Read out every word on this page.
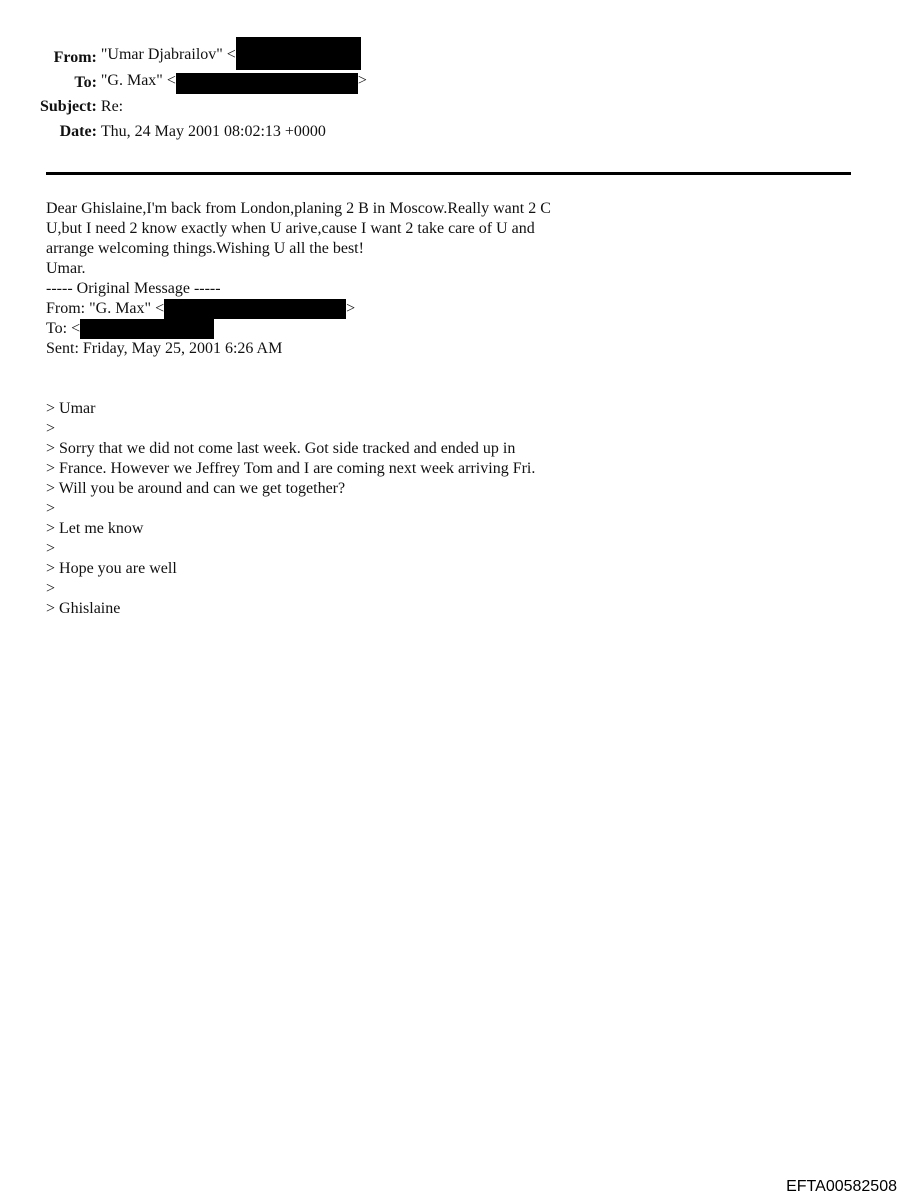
From:	"Umar Djabrailov" <
To:	"G. Max" < >
Subject:	Re:
Date:	Thu, 24 May 2001 08:02:13 +0000
Dear Ghislaine,I'm back from London,planing 2 B in Moscow.Really want 2 C
U,but I need 2 know exactly when U arive,cause I want 2 take care of U and
arrange welcoming things.Wishing U all the best!
Umar.
----- Original Message -----
From: "G. Max" <	>
To: <
Sent: Friday, May 25, 2001 6:26 AM
> Umar
>
> Sorry that we did not come last week. Got side tracked and ended up in
> France. However we Jeffrey Tom and I are coming next week arriving Fri.
> Will you be around and can we get together?
>
> Let me know
>
> Hope you are well
>
> Ghislaine
EFTA00582508
